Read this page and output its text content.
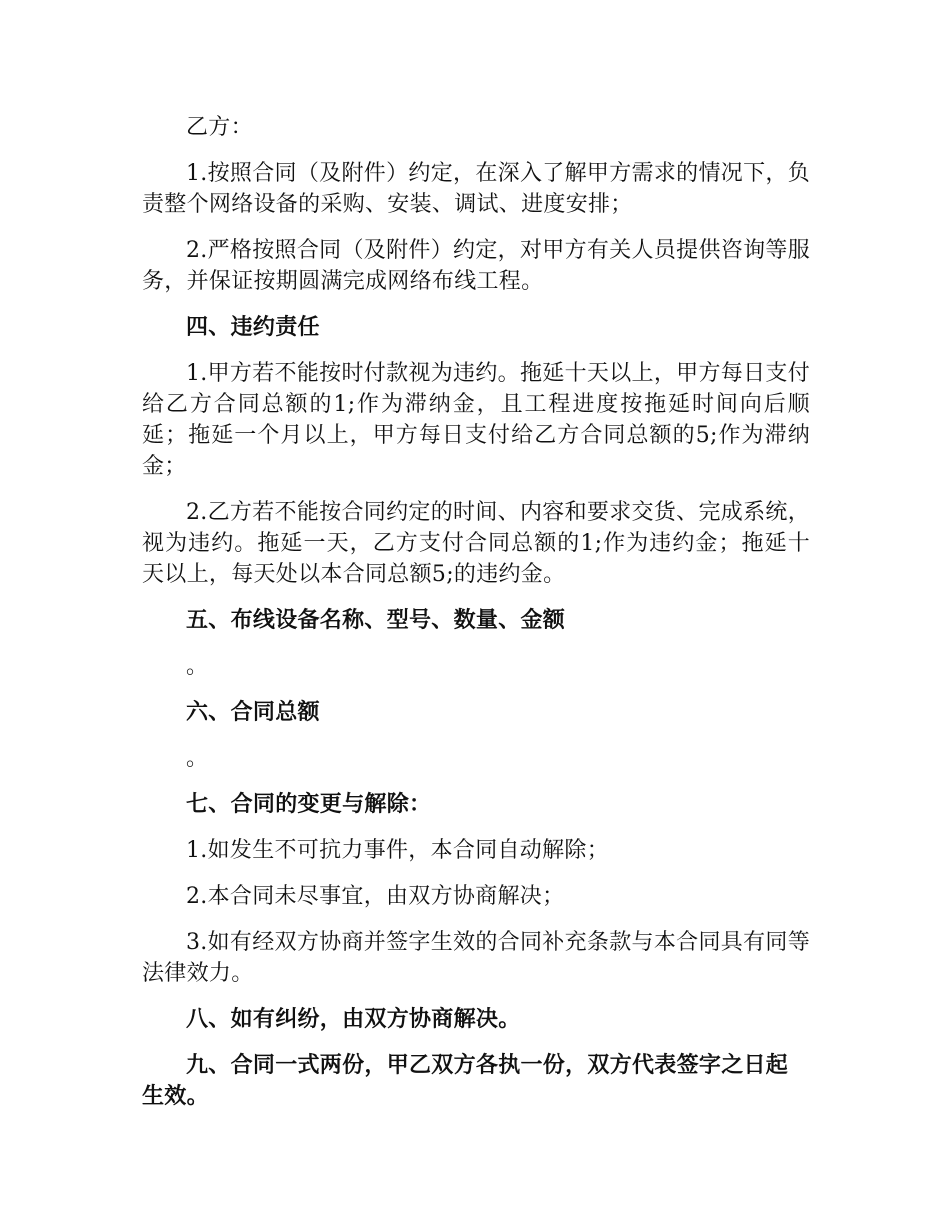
乙方：

1.按照合同（及附件）约定，在深入了解甲方需求的情况下，负责整个网络设备的采购、安装、调试、进度安排；

2.严格按照合同（及附件）约定，对甲方有关人员提供咨询等服务，并保证按期圆满完成网络布线工程。

四、违约责任

1.甲方若不能按时付款视为违约。拖延十天以上，甲方每日支付给乙方合同总额的1;作为滞纳金，且工程进度按拖延时间向后顺延；拖延一个月以上，甲方每日支付给乙方合同总额的5;作为滞纳金；

2.乙方若不能按合同约定的时间、内容和要求交货、完成系统，视为违约。拖延一天，乙方支付合同总额的1;作为违约金；拖延十天以上，每天处以本合同总额5;的违约金。

五、布线设备名称、型号、数量、金额

。

六、合同总额

。

七、合同的变更与解除：

1.如发生不可抗力事件，本合同自动解除；

2.本合同未尽事宜，由双方协商解决；

3.如有经双方协商并签字生效的合同补充条款与本合同具有同等法律效力。

八、如有纠纷，由双方协商解决。

九、合同一式两份，甲乙双方各执一份，双方代表签字之日起生效。
